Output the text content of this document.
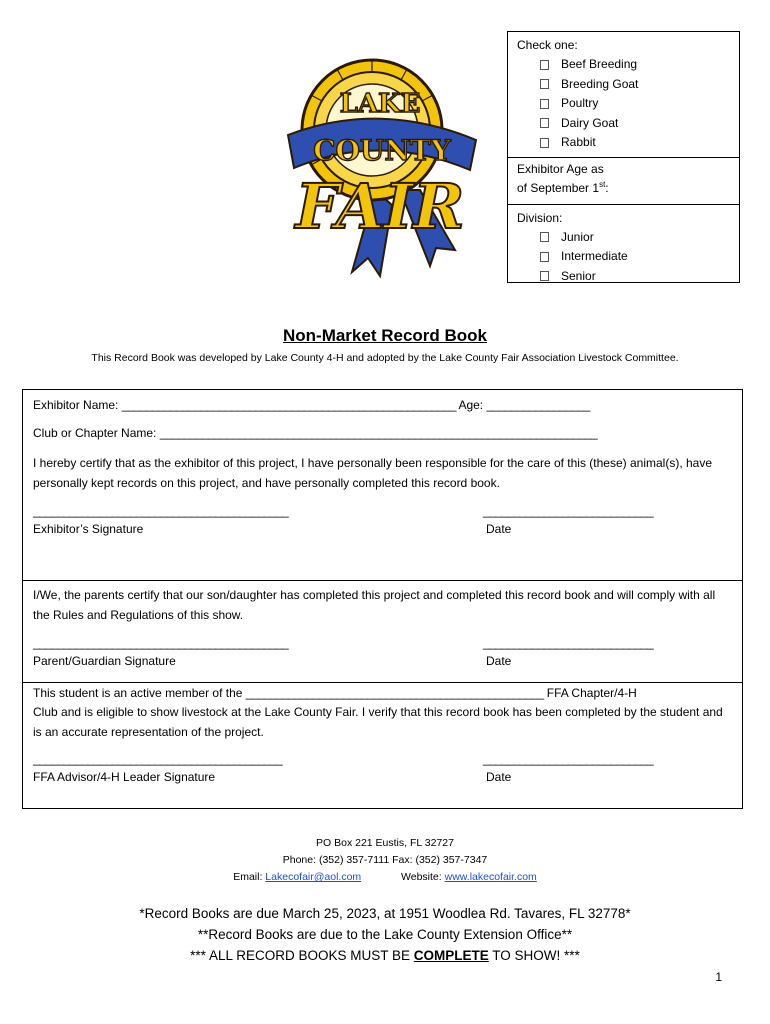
LAKE
COUNTY
FAIR
Check one:
Beef Breeding
Breeding Goat
Poultry
Dairy Goat
Rabbit
Exhibitor Age as
of September 1st:
Division:
Junior
Intermediate
Senior
Non-Market Record Book
This Record Book was developed by Lake County 4-H and adopted by the Lake County Fair Association Livestock Committee.
Exhibitor Name: _______________________________________________________ Age: _________________
Club or Chapter Name: ________________________________________________________________________
I hereby certify that as the exhibitor of this project, I have personally been responsible for the care of this (these) animal(s), have personally kept records on this project, and have personally completed this record book.
__________________________________________	____________________________
Exhibitor’s Signature	Date
I/We, the parents certify that our son/daughter has completed this project and completed this record book and will comply with all the Rules and Regulations of this show.
__________________________________________	____________________________
Parent/Guardian Signature	Date
This student is an active member of the _________________________________________________ FFA Chapter/4-H
Club and is eligible to show livestock at the Lake County Fair. I verify that this record book has been completed by the student and is an accurate representation of the project.
_________________________________________	____________________________
FFA Advisor/4-H Leader Signature	Date
PO Box 221 Eustis, FL 32727
Phone: (352) 357-7111 Fax: (352) 357-7347
Email: Lakecofair@aol.com	Website: www.lakecofair.com
*Record Books are due March 25, 2023, at 1951 Woodlea Rd. Tavares, FL 32778*
**Record Books are due to the Lake County Extension Office**
*** ALL RECORD BOOKS MUST BE COMPLETE TO SHOW! ***
1
